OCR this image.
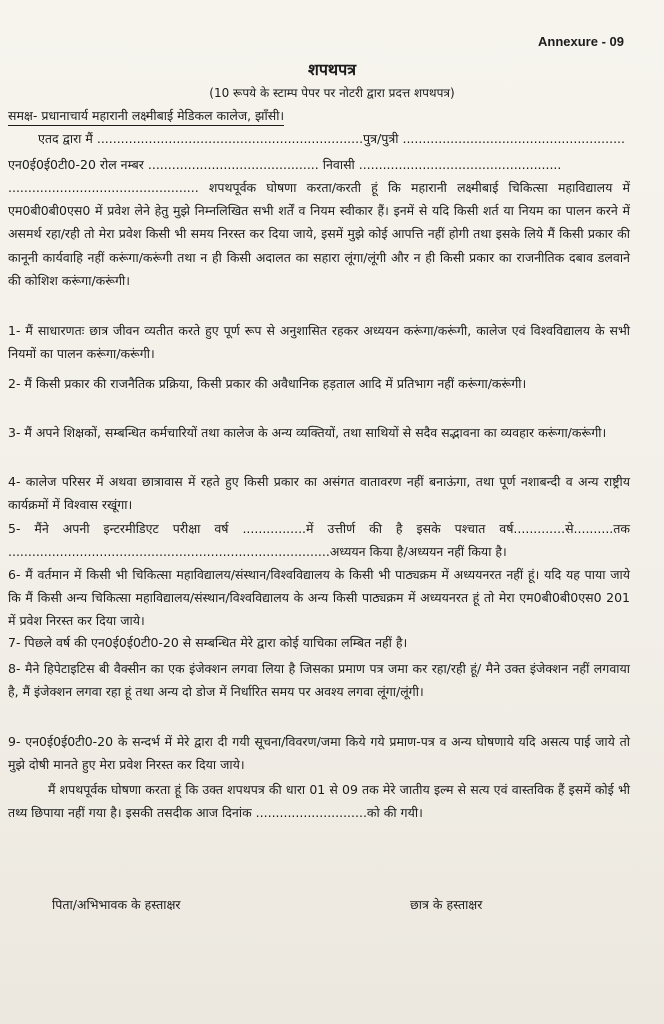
Annexure - 09
शपथपत्र
(10 रूपये के स्टाम्प पेपर पर नोटरी द्वारा प्रदत्त शपथपत्र)
समक्ष- प्रधानाचार्य महारानी लक्ष्मीबाई मेडिकल कालेज, झाँसी।
एतद द्वारा मैं ...................................................................पुत्र/पुत्री ........................................................
एन0ई0ई0टी0-20 रोल नम्बर ........................................... निवासी ...................................................
................................................ शपथपूर्वक घोषणा करता/करती हूं कि महारानी लक्ष्मीबाई चिकित्सा महाविद्यालय में एम0बी0बी0एस0 में प्रवेश लेने हेतु मुझे निम्नलिखित सभी शर्तें व नियम स्वीकार हैं। इनमें से यदि किसी शर्त या नियम का पालन करने में असमर्थ रहा/रही तो मेरा प्रवेश किसी भी समय निरस्त कर दिया जाये, इसमें मुझे कोई आपत्ति नहीं होगी तथा इसके लिये मैं किसी प्रकार की कानूनी कार्यवाहि नहीं करूंगा/करूंगी तथा न ही किसी अदालत का सहारा लूंगा/लूंगी और न ही किसी प्रकार का राजनीतिक दबाव डलवाने की कोशिश करूंगा/करूंगी।
1- मैं साधारणतः छात्र जीवन व्यतीत करते हुए पूर्ण रूप से अनुशासित रहकर अध्ययन करूंगा/करूंगी, कालेज एवं विश्वविद्यालय के सभी नियमों का पालन करूंगा/करूंगी।
2- मैं किसी प्रकार की राजनैतिक प्रक्रिया, किसी प्रकार की अवैधानिक हड़ताल आदि में प्रतिभाग नहीं करूंगा/करूंगी।
3- मैं अपने शिक्षकों, सम्बन्धित कर्मचारियों तथा कालेज के अन्य व्यक्तियों, तथा साथियों से सदैव सद्भावना का व्यवहार करूंगा/करूंगी।
4- कालेज परिसर में अथवा छात्रावास में रहते हुए किसी प्रकार का असंगत वातावरण नहीं बनाऊंगा, तथा पूर्ण नशाबन्दी व अन्य राष्ट्रीय कार्यक्रमों में विश्वास रखूंगा।
5- मैंने अपनी इन्टरमीडिएट परीक्षा वर्ष ................में उत्तीर्ण की है इसके पश्चात वर्ष.............से..........तक .................................................................................अध्ययन किया है/अध्ययन नहीं किया है।
6- मैं वर्तमान में किसी भी चिकित्सा महाविद्यालय/संस्थान/विश्वविद्यालय के किसी भी पाठ्यक्रम में अध्ययनरत नहीं हूं। यदि यह पाया जाये कि मैं किसी अन्य चिकित्सा महाविद्यालय/संस्थान/विश्वविद्यालय के अन्य किसी पाठ्यक्रम में अध्ययनरत हूं तो मेरा एम0बी0बी0एस0 201 में प्रवेश निरस्त कर दिया जाये।
7- पिछले वर्ष की एन0ई0ई0टी0-20 से सम्बन्धित मेरे द्वारा कोई याचिका लम्बित नहीं है।
8- मैने हिपेटाइटिस बी वैक्सीन का एक इंजेक्शन लगवा लिया है जिसका प्रमाण पत्र जमा कर रहा/रही हूं/ मैने उक्त इंजेक्शन नहीं लगवाया है, मैं इंजेक्शन लगवा रहा हूं तथा अन्य दो डोज में निर्धारित समय पर अवश्य लगवा लूंगा/लूंगी।
9- एन0ई0ई0टी0-20 के सन्दर्भ में मेरे द्वारा दी गयी सूचना/विवरण/जमा किये गये प्रमाण-पत्र व अन्य घोषणाये यदि असत्य पाई जाये तो मुझे दोषी मानते हुए मेरा प्रवेश निरस्त कर दिया जाये।
मैं शपथपूर्वक घोषणा करता हूं कि उक्त शपथपत्र की धारा 01 से 09 तक मेरे जातीय इल्म से सत्य एवं वास्तविक हैं इसमें कोई भी तथ्य छिपाया नहीं गया है। इसकी तसदीक आज दिनांक ............................को की गयी।
पिता/अभिभावक के हस्ताक्षर	छात्र के हस्ताक्षर
